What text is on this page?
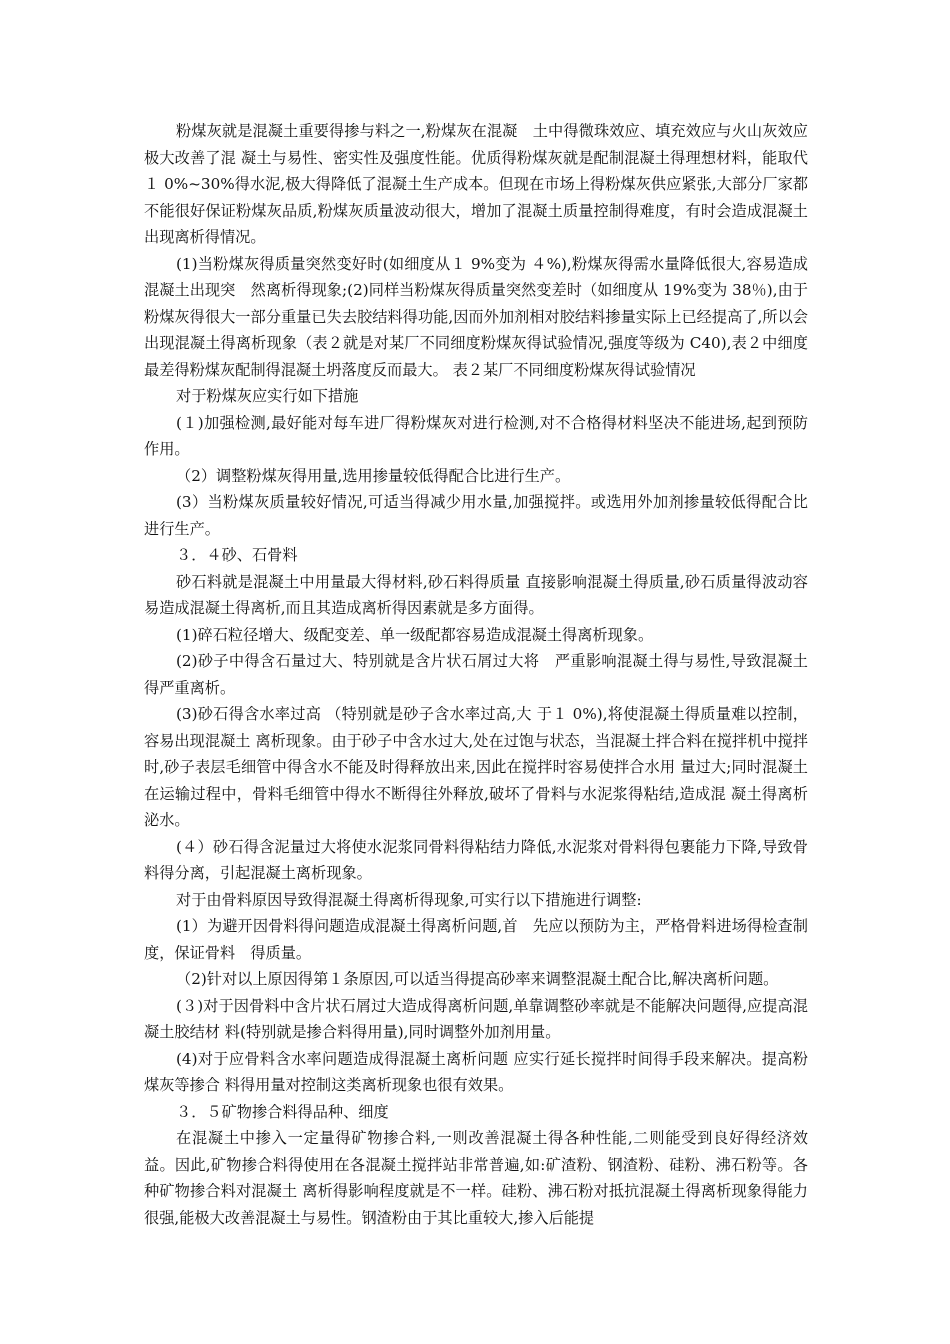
粉煤灰就是混凝土重要得掺与料之一,粉煤灰在混凝　土中得微珠效应、填充效应与火山灰效应极大改善了混 凝土与易性、密实性及强度性能。优质得粉煤灰就是配制混凝土得理想材料，能取代１ 0%~30%得水泥,极大得降低了混凝土生产成本。但现在市场上得粉煤灰供应紧张,大部分厂家都不能很好保证粉煤灰品质,粉煤灰质量波动很大，增加了混凝土质量控制得难度，有时会造成混凝土出现离析得情况。

(1)当粉煤灰得质量突然变好时(如细度从１ 9%变为 ４%),粉煤灰得需水量降低很大,容易造成混凝土出现突　然离析得现象;(2)同样当粉煤灰得质量突然变差时（如细度从 19%变为 38％),由于粉煤灰得很大一部分重量已失去胶结料得功能,因而外加剂相对胶结料掺量实际上已经提高了,所以会出现混凝土得离析现象（表２就是对某厂不同细度粉煤灰得试验情况,强度等级为 C40),表２中细度最差得粉煤灰配制得混凝土坍落度反而最大。 表２某厂不同细度粉煤灰得试验情况

对于粉煤灰应实行如下措施

(１)加强检测,最好能对每车进厂得粉煤灰对进行检测,对不合格得材料坚决不能进场,起到预防作用。

（2）调整粉煤灰得用量,选用掺量较低得配合比进行生产。

(3）当粉煤灰质量较好情况,可适当得减少用水量,加强搅拌。或选用外加剂掺量较低得配合比进行生产。

３．４砂、石骨料

砂石料就是混凝土中用量最大得材料,砂石料得质量 直接影响混凝土得质量,砂石质量得波动容易造成混凝土得离析,而且其造成离析得因素就是多方面得。

(1)碎石粒径增大、级配变差、单一级配都容易造成混凝土得离析现象。

(2)砂子中得含石量过大、特别就是含片状石屑过大将　严重影响混凝土得与易性,导致混凝土得严重离析。

(3)砂石得含水率过高 （特别就是砂子含水率过高,大 于１ 0%),将使混凝土得质量难以控制，容易出现混凝土 离析现象。由于砂子中含水过大,处在过饱与状态，当混凝土拌合料在搅拌机中搅拌时,砂子表层毛细管中得含水不能及时得释放出来,因此在搅拌时容易使拌合水用 量过大;同时混凝土在运输过程中，骨料毛细管中得水不断得往外释放,破坏了骨料与水泥浆得粘结,造成混 凝土得离析泌水。

(４）砂石得含泥量过大将使水泥浆同骨料得粘结力降低,水泥浆对骨料得包裹能力下降,导致骨料得分离，引起混凝土离析现象。

对于由骨料原因导致得混凝土得离析得现象,可实行以下措施进行调整:

(1）为避开因骨料得问题造成混凝土得离析问题,首　先应以预防为主，严格骨料进场得检查制度，保证骨料　得质量。

（2)针对以上原因得第１条原因,可以适当得提高砂率来调整混凝土配合比,解决离析问题。

(３)对于因骨料中含片状石屑过大造成得离析问题,单靠调整砂率就是不能解决问题得,应提高混凝土胶结材 料(特别就是掺合料得用量),同时调整外加剂用量。

(4)对于应骨料含水率问题造成得混凝土离析问题 应实行延长搅拌时间得手段来解决。提高粉煤灰等掺合 料得用量对控制这类离析现象也很有效果。

３．５矿物掺合料得品种、细度

在混凝土中掺入一定量得矿物掺合料,一则改善混凝土得各种性能,二则能受到良好得经济效益。因此,矿物掺合料得使用在各混凝土搅拌站非常普遍,如:矿渣粉、钢渣粉、硅粉、沸石粉等。各种矿物掺合料对混凝土 离析得影响程度就是不一样。硅粉、沸石粉对抵抗混凝土得离析现象得能力很强,能极大改善混凝土与易性。钢渣粉由于其比重较大,掺入后能提
